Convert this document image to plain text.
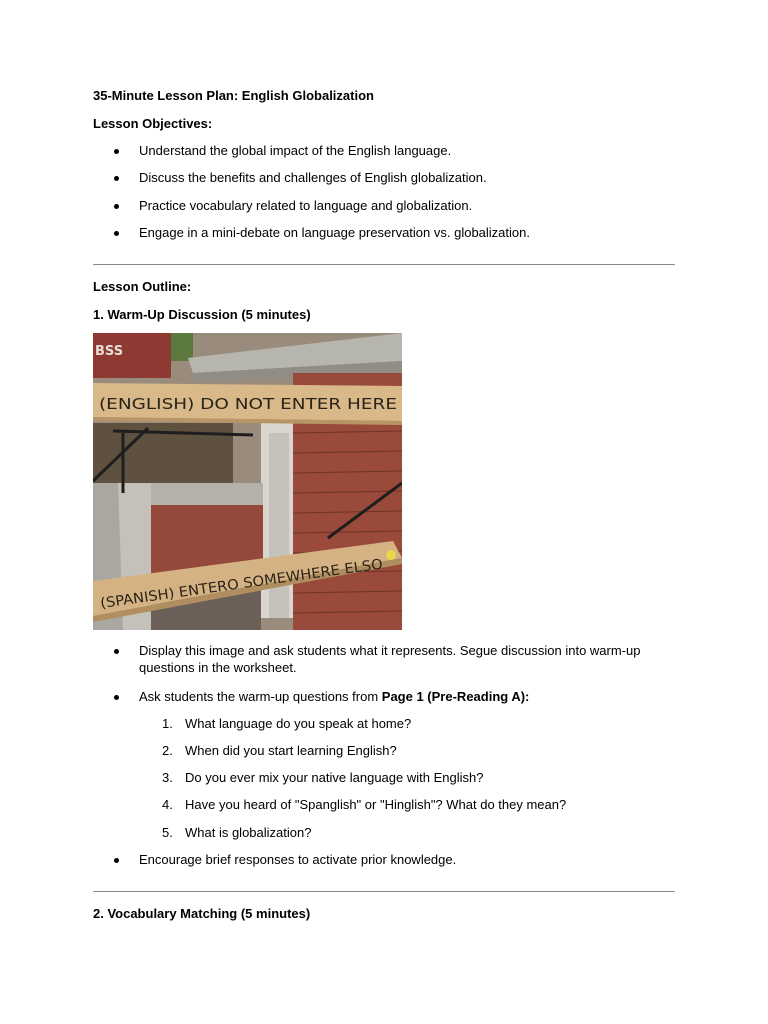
35-Minute Lesson Plan: English Globalization
Lesson Objectives:
Understand the global impact of the English language.
Discuss the benefits and challenges of English globalization.
Practice vocabulary related to language and globalization.
Engage in a mini-debate on language preservation vs. globalization.
Lesson Outline:
1. Warm-Up Discussion (5 minutes)
BSS
(ENGLISH) DO NOT ENTER HERE
(SPANISH) ENTERO SOMEWHERE ELSO
Display this image and ask students what it represents. Segue discussion into warm-up questions in the worksheet.
Ask students the warm-up questions from Page 1 (Pre-Reading A):
1. What language do you speak at home?
2. When did you start learning English?
3. Do you ever mix your native language with English?
4. Have you heard of "Spanglish" or "Hinglish"? What do they mean?
5. What is globalization?
Encourage brief responses to activate prior knowledge.
2. Vocabulary Matching (5 minutes)
